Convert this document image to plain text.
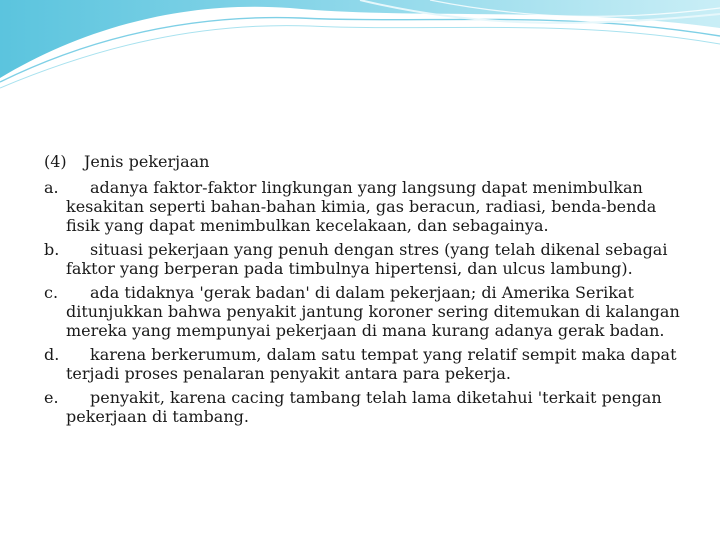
(4) Jenis pekerjaan
a.	adanya faktor-faktor lingkungan yang langsung dapat menimbulkan kesakitan seperti bahan-bahan kimia, gas beracun, radiasi, benda-benda fisik yang dapat menimbulkan kecelakaan, dan sebagainya.
b.	situasi pekerjaan yang penuh dengan stres (yang telah dikenal sebagai faktor yang berperan pada timbulnya hipertensi, dan ulcus lambung).
c.	ada tidaknya 'gerak badan' di dalam pekerjaan; di Amerika Serikat ditunjukkan bahwa penyakit jantung koroner sering ditemukan di kalangan mereka yang mempunyai pekerjaan di mana kurang adanya gerak badan.
d.	karena berkerumum, dalam satu tempat yang relatif sempit maka dapat terjadi proses penalaran penyakit antara para pekerja.
e.	penyakit, karena cacing tambang telah lama diketahui 'terkait pengan pekerjaan di tambang.
